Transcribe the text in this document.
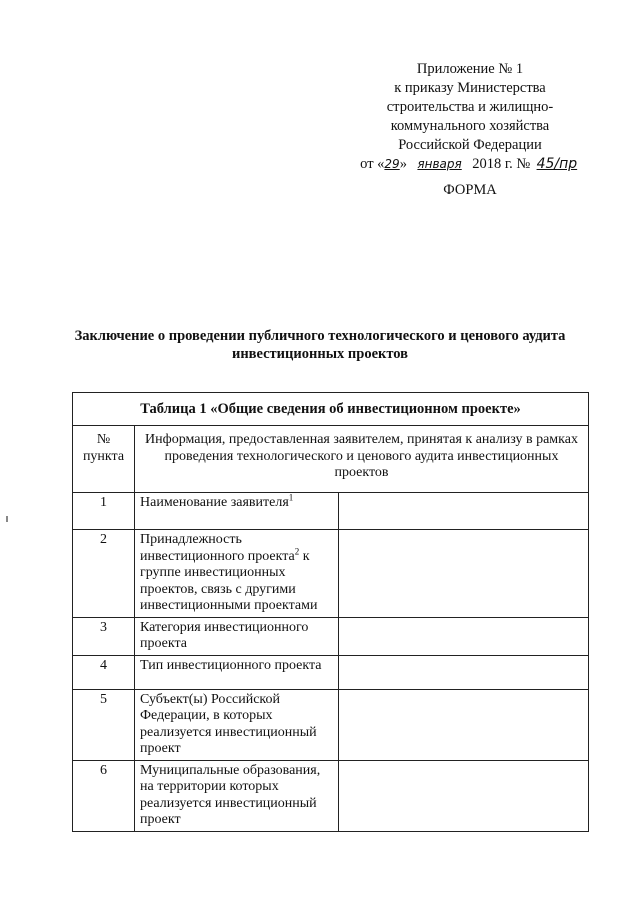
Приложение № 1
к приказу Министерства
строительства и жилищно-
коммунального хозяйства
Российской Федерации
от «29» января 2018 г. № 45/пр
ФОРМА
Заключение о проведении публичного технологического и ценового аудита
инвестиционных проектов
Таблица 1 «Общие сведения об инвестиционном проекте»		
№ пункта	Информация, предоставленная заявителем, принятая к анализу в рамках проведения технологического и ценового аудита инвестиционных проектов	
1	Наименование заявителя$^1$	
2	Принадлежность инвестиционного проекта$^2$ к группе инвестиционных проектов, связь с другими инвестиционными проектами	
3	Категория инвестиционного проекта	
4	Тип инвестиционного проекта	
5	Субъект(ы) Российской Федерации, в которых реализуется инвестиционный проект	
6	Муниципальные образования, на территории которых реализуется инвестиционный проект	
